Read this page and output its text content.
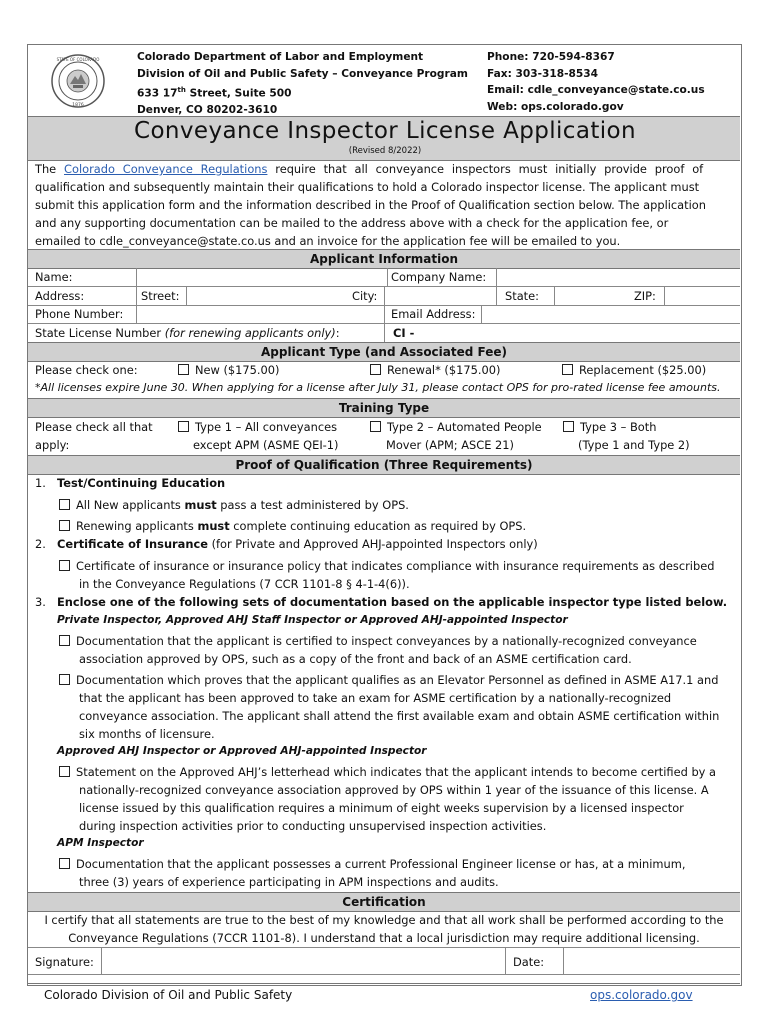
STATE OF COLORADO
1876
Colorado Department of Labor and Employment
Division of Oil and Public Safety – Conveyance Program
633 17th Street, Suite 500
Denver, CO 80202-3610
Phone: 720-594-8367
Fax: 303-318-8534
Email: cdle_conveyance@state.co.us
Web: ops.colorado.gov
Conveyance Inspector License Application
(Revised 8/2022)
The Colorado Conveyance Regulations require that all conveyance inspectors must initially provide proof of
qualification and subsequently maintain their qualifications to hold a Colorado inspector license. The applicant must
submit this application form and the information described in the Proof of Qualification section below. The application
and any supporting documentation can be mailed to the address above with a check for the application fee, or
emailed to cdle_conveyance@state.co.us and an invoice for the application fee will be emailed to you.
Applicant Information
Name:	Company Name:
Address:	Street:	City:	State:	ZIP:
Phone Number:	Email Address:
State License Number (for renewing applicants only):	CI -
Applicant Type (and Associated Fee)
Please check one:	New ($175.00)	Renewal* ($175.00)	Replacement ($25.00)
*All licenses expire June 30. When applying for a license after July 31, please contact OPS for pro-rated license fee amounts.
Training Type
Please check all that
apply:
Type 1 – All conveyances
except APM (ASME QEI-1)
Type 2 – Automated People
Mover (APM; ASCE 21)
Type 3 – Both
(Type 1 and Type 2)
Proof of Qualification (Three Requirements)
1. Test/Continuing Education
All New applicants must pass a test administered by OPS.
Renewing applicants must complete continuing education as required by OPS.
2. Certificate of Insurance (for Private and Approved AHJ-appointed Inspectors only)
Certificate of insurance or insurance policy that indicates compliance with insurance requirements as described
in the Conveyance Regulations (7 CCR 1101-8 § 4-1-4(6)).
3. Enclose one of the following sets of documentation based on the applicable inspector type listed below.
Private Inspector, Approved AHJ Staff Inspector or Approved AHJ-appointed Inspector
Documentation that the applicant is certified to inspect conveyances by a nationally-recognized conveyance
association approved by OPS, such as a copy of the front and back of an ASME certification card.
Documentation which proves that the applicant qualifies as an Elevator Personnel as defined in ASME A17.1 and
that the applicant has been approved to take an exam for ASME certification by a nationally-recognized
conveyance association. The applicant shall attend the first available exam and obtain ASME certification within
six months of licensure.
Approved AHJ Inspector or Approved AHJ-appointed Inspector
Statement on the Approved AHJ’s letterhead which indicates that the applicant intends to become certified by a
nationally-recognized conveyance association approved by OPS within 1 year of the issuance of this license. A
license issued by this qualification requires a minimum of eight weeks supervision by a licensed inspector
during inspection activities prior to conducting unsupervised inspection activities.
APM Inspector
Documentation that the applicant possesses a current Professional Engineer license or has, at a minimum,
three (3) years of experience participating in APM inspections and audits.
Certification
I certify that all statements are true to the best of my knowledge and that all work shall be performed according to the
Conveyance Regulations (7CCR 1101-8). I understand that a local jurisdiction may require additional licensing.
Signature:	Date:
Colorado Division of Oil and Public Safety	ops.colorado.gov
